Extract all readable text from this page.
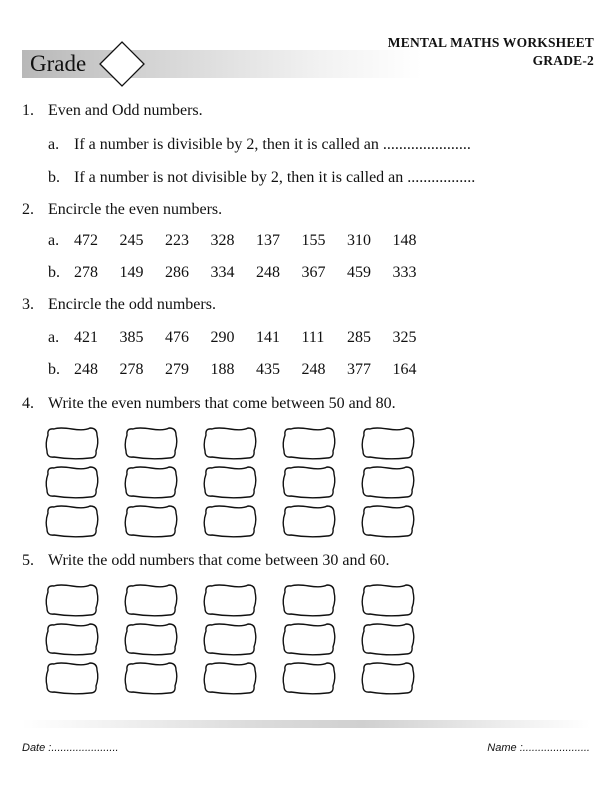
Grade
MENTAL MATHS WORKSHEET
GRADE-2
1. Even and Odd numbers.
a. If a number is divisible by 2, then it is called an ......................
b. If a number is not divisible by 2, then it is called an .................
2. Encircle the even numbers.
a. 472	245	223	328	137	155	310	148
b. 278	149	286	334	248	367	459	333
3. Encircle the odd numbers.
a. 421	385	476	290	141	111	285	325
b. 248	278	279	188	435	248	377	164
4. Write the even numbers that come between 50 and 80.
5. Write the odd numbers that come between 30 and 60.
Date :......................	Name :......................
